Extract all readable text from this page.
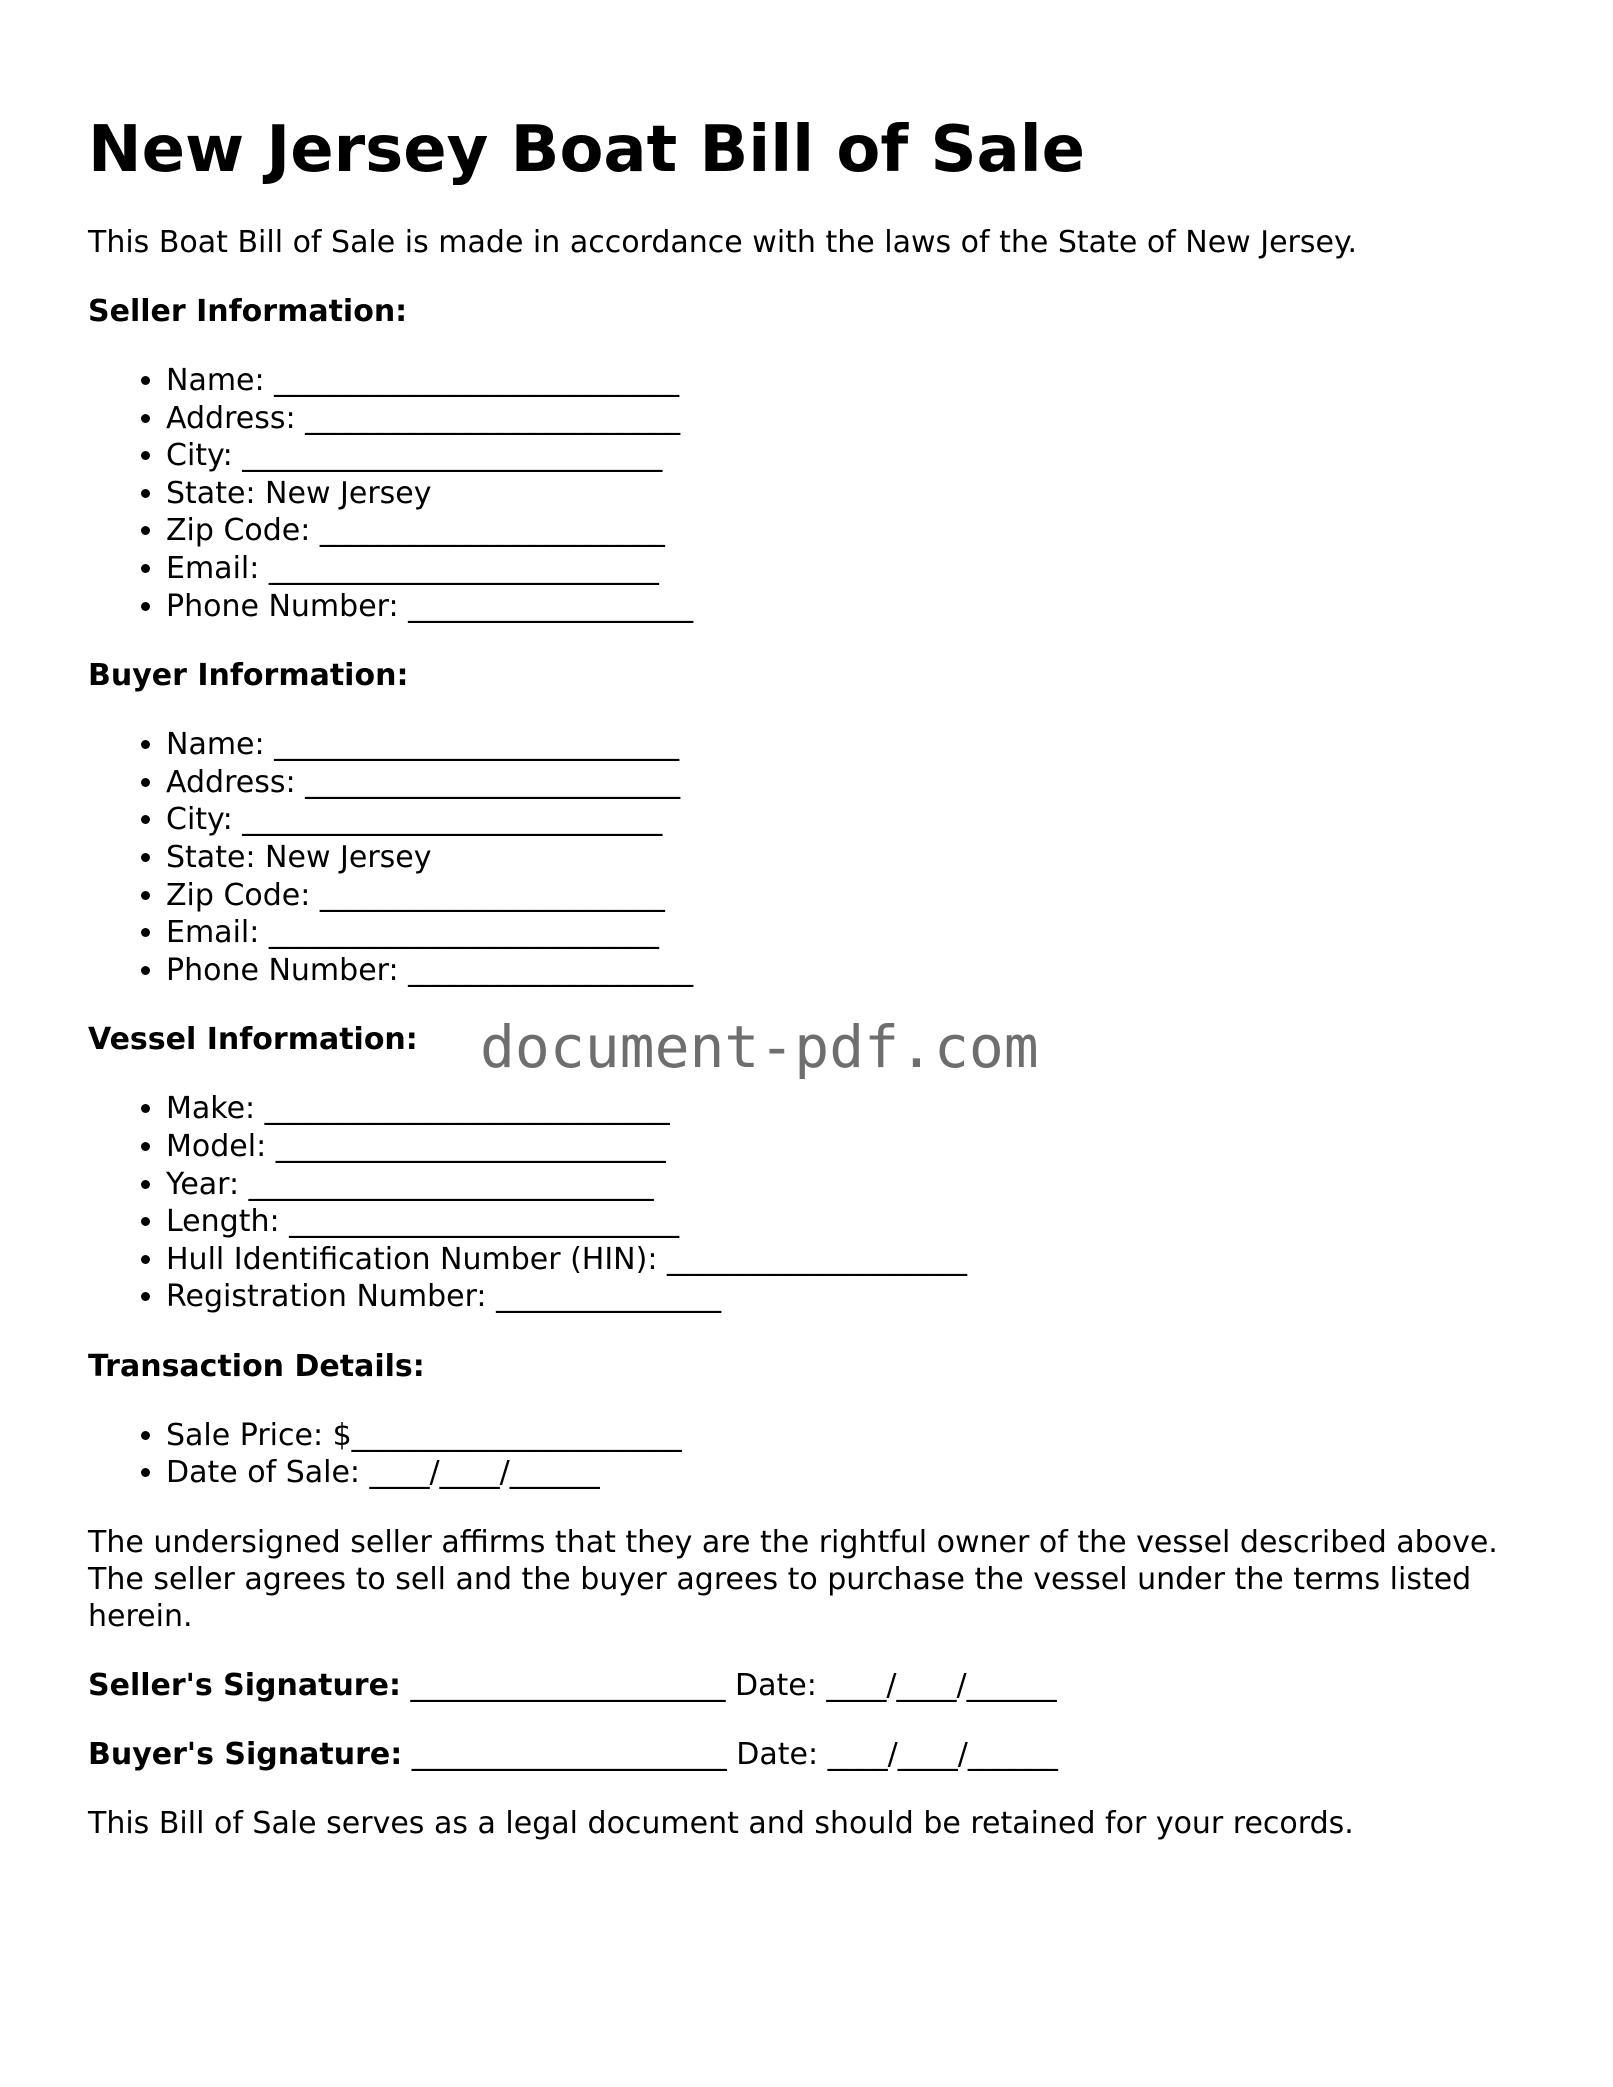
New Jersey Boat Bill of Sale

This Boat Bill of Sale is made in accordance with the laws of the State of New Jersey.

Seller Information:
• Name: ___________________________
• Address: _________________________
• City: ____________________________
• State: New Jersey
• Zip Code: _______________________
• Email: __________________________
• Phone Number: ___________________
Buyer Information:
• Name: ___________________________
• Address: _________________________
• City: ____________________________
• State: New Jersey
• Zip Code: _______________________
• Email: __________________________
• Phone Number: ___________________
Vessel Information:
• Make: ___________________________
• Model: __________________________
• Year: ___________________________
• Length: __________________________
• Hull Identification Number (HIN): ____________________
• Registration Number: _______________
Transaction Details:
• Sale Price: $______________________
• Date of Sale: ____/____/______

The undersigned seller affirms that they are the rightful owner of the vessel described above. The seller agrees to sell and the buyer agrees to purchase the vessel under the terms listed herein.

Seller's Signature: _____________________ Date: ____/____/______
Buyer's Signature: _____________________ Date: ____/____/______

This Bill of Sale serves as a legal document and should be retained for your records.

document-pdf.com
